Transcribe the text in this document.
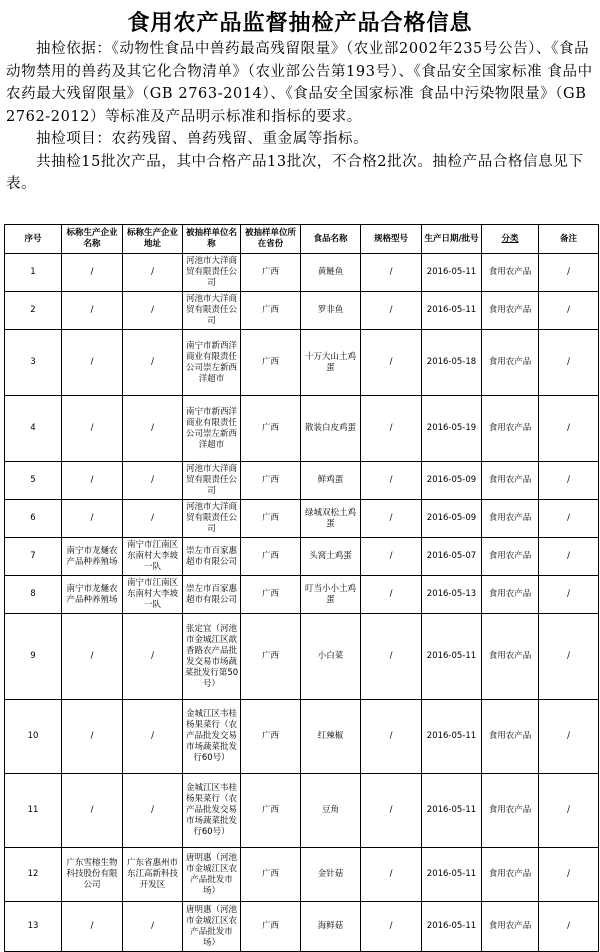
食用农产品监督抽检产品合格信息

抽检依据：《动物性食品中兽药最高残留限量》（农业部2002年235号公告）、《食品动物禁用的兽药及其它化合物清单》（农业部公告第193号）、《食品安全国家标准 食品中农药最大残留限量》（GB 2763-2014）、《食品安全国家标准 食品中污染物限量》（GB 2762-2012）等标准及产品明示标准和指标的要求。

抽检项目：农药残留、兽药残留、重金属等指标。

共抽检15批次产品，其中合格产品13批次，不合格2批次。抽检产品合格信息见下表。

序号	标称生产企业名称	标称生产企业地址	被抽样单位名称	被抽样单位所在省份	食品名称	规格型号	生产日期/批号	分类	备注
1	/	/	河池市大洋商贸有限责任公司	广西	黄鲢鱼	/	2016-05-11	食用农产品	/
2	/	/	河池市大洋商贸有限责任公司	广西	罗非鱼	/	2016-05-11	食用农产品	/
3	/	/	南宁市新西洋商业有限责任公司崇左新西洋超市	广西	十万大山土鸡蛋	/	2016-05-18	食用农产品	/
4	/	/	南宁市新西洋商业有限责任公司崇左新西洋超市	广西	散装白皮鸡蛋	/	2016-05-19	食用农产品	/
5	/	/	河池市大洋商贸有限责任公司	广西	鲜鸡蛋	/	2016-05-09	食用农产品	/
6	/	/	河池市大洋商贸有限责任公司	广西	绿城双松土鸡蛋	/	2016-05-09	食用农产品	/
7	南宁市龙熥农产品种养殖场	南宁市江南区东南村大李坡一队	崇左市百家惠超市有限公司	广西	头窝土鸡蛋	/	2016-05-07	食用农产品	/
8	南宁市龙熥农产品种养殖场	南宁市江南区东南村大李坡一队	崇左市百家惠超市有限公司	广西	叮当小小土鸡蛋	/	2016-05-13	食用农产品	/
9	/	/	张定宜（河池市金城江区歆香路农产品批发交易市场蔬菜批发行第50号）	广西	小白菜	/	2016-05-11	食用农产品	/
10	/	/	金城江区韦桂杨果菜行（农产品批发交易市场蔬菜批发行60号）	广西	红辣椒	/	2016-05-11	食用农产品	/
11	/	/	金城江区韦桂杨果菜行（农产品批发交易市场蔬菜批发行60号）	广西	豆角	/	2016-05-11	食用农产品	/
12	广东雪榕生物科技股份有限公司	广东省惠州市东江高新科技开发区	唐明惠（河池市金城江区农产品批发市场）	广西	金针菇	/	2016-05-11	食用农产品	/
13	/	/	唐明惠（河池市金城江区农产品批发市场）	广西	海鲜菇	/	2016-05-11	食用农产品	/
